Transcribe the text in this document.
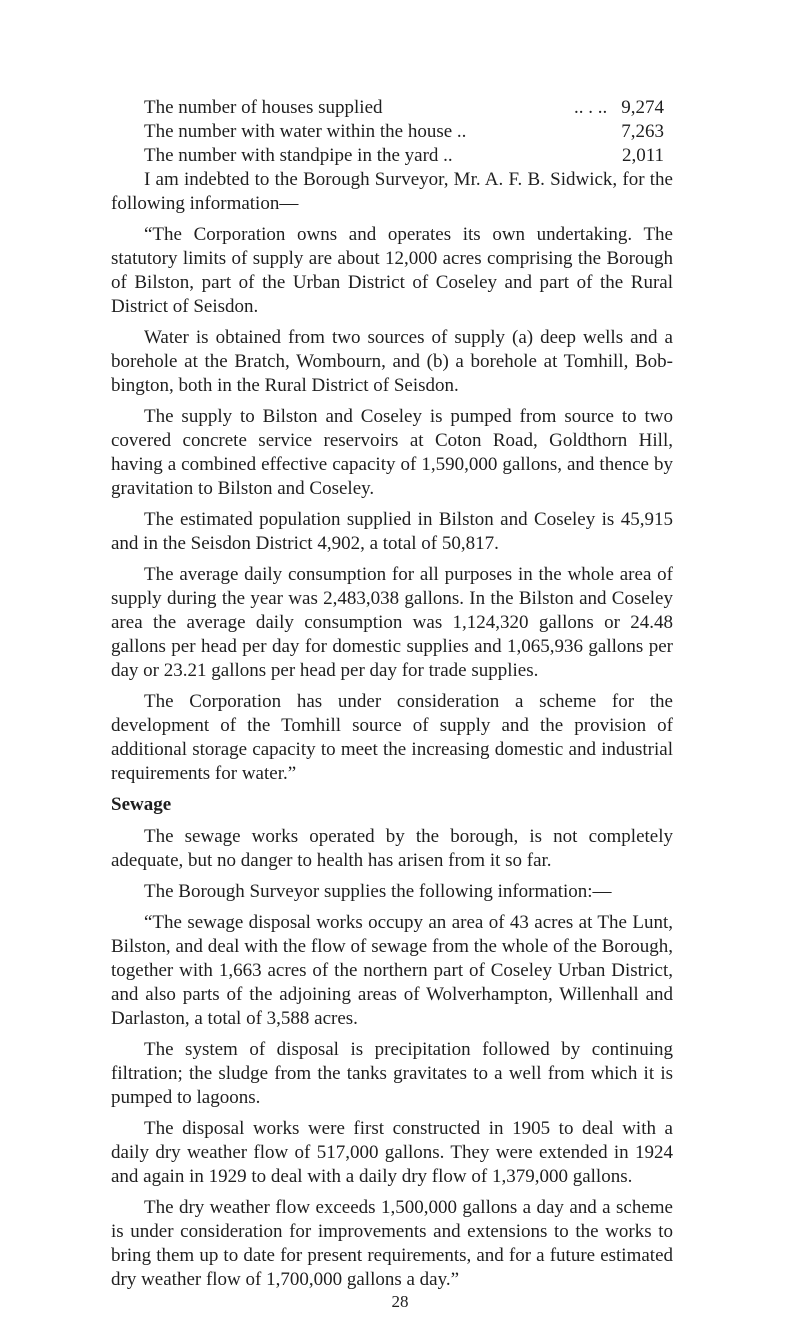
The number of houses supplied	.. . .. 9,274
The number with water within the house ..	7,263
The number with standpipe in the yard ..	2,011

I am indebted to the Borough Surveyor, Mr. A. F. B. Sidwick, for the following information—

“The Corporation owns and operates its own undertaking. The statutory limits of supply are about 12,000 acres comprising the Borough of Bilston, part of the Urban District of Coseley and part of the Rural District of Seisdon.

Water is obtained from two sources of supply (a) deep wells and a borehole at the Bratch, Wombourn, and (b) a borehole at Tomhill, Bob-bington, both in the Rural District of Seisdon.

The supply to Bilston and Coseley is pumped from source to two covered concrete service reservoirs at Coton Road, Goldthorn Hill, having a combined effective capacity of 1,590,000 gallons, and thence by gravitation to Bilston and Coseley.

The estimated population supplied in Bilston and Coseley is 45,915 and in the Seisdon District 4,902, a total of 50,817.

The average daily consumption for all purposes in the whole area of supply during the year was 2,483,038 gallons. In the Bilston and Coseley area the average daily consumption was 1,124,320 gallons or 24.48 gallons per head per day for domestic supplies and 1,065,936 gallons per day or 23.21 gallons per head per day for trade supplies.

The Corporation has under consideration a scheme for the development of the Tomhill source of supply and the provision of additional storage capacity to meet the increasing domestic and industrial requirements for water.”

Sewage

The sewage works operated by the borough, is not completely adequate, but no danger to health has arisen from it so far.

The Borough Surveyor supplies the following information:—

“The sewage disposal works occupy an area of 43 acres at The Lunt, Bilston, and deal with the flow of sewage from the whole of the Borough, together with 1,663 acres of the northern part of Coseley Urban District, and also parts of the adjoining areas of Wolverhampton, Willenhall and Darlaston, a total of 3,588 acres.

The system of disposal is precipitation followed by continuing filtration; the sludge from the tanks gravitates to a well from which it is pumped to lagoons.

The disposal works were first constructed in 1905 to deal with a daily dry weather flow of 517,000 gallons. They were extended in 1924 and again in 1929 to deal with a daily dry flow of 1,379,000 gallons.

The dry weather flow exceeds 1,500,000 gallons a day and a scheme is under consideration for improvements and extensions to the works to bring them up to date for present requirements, and for a future estimated dry weather flow of 1,700,000 gallons a day.”

28
